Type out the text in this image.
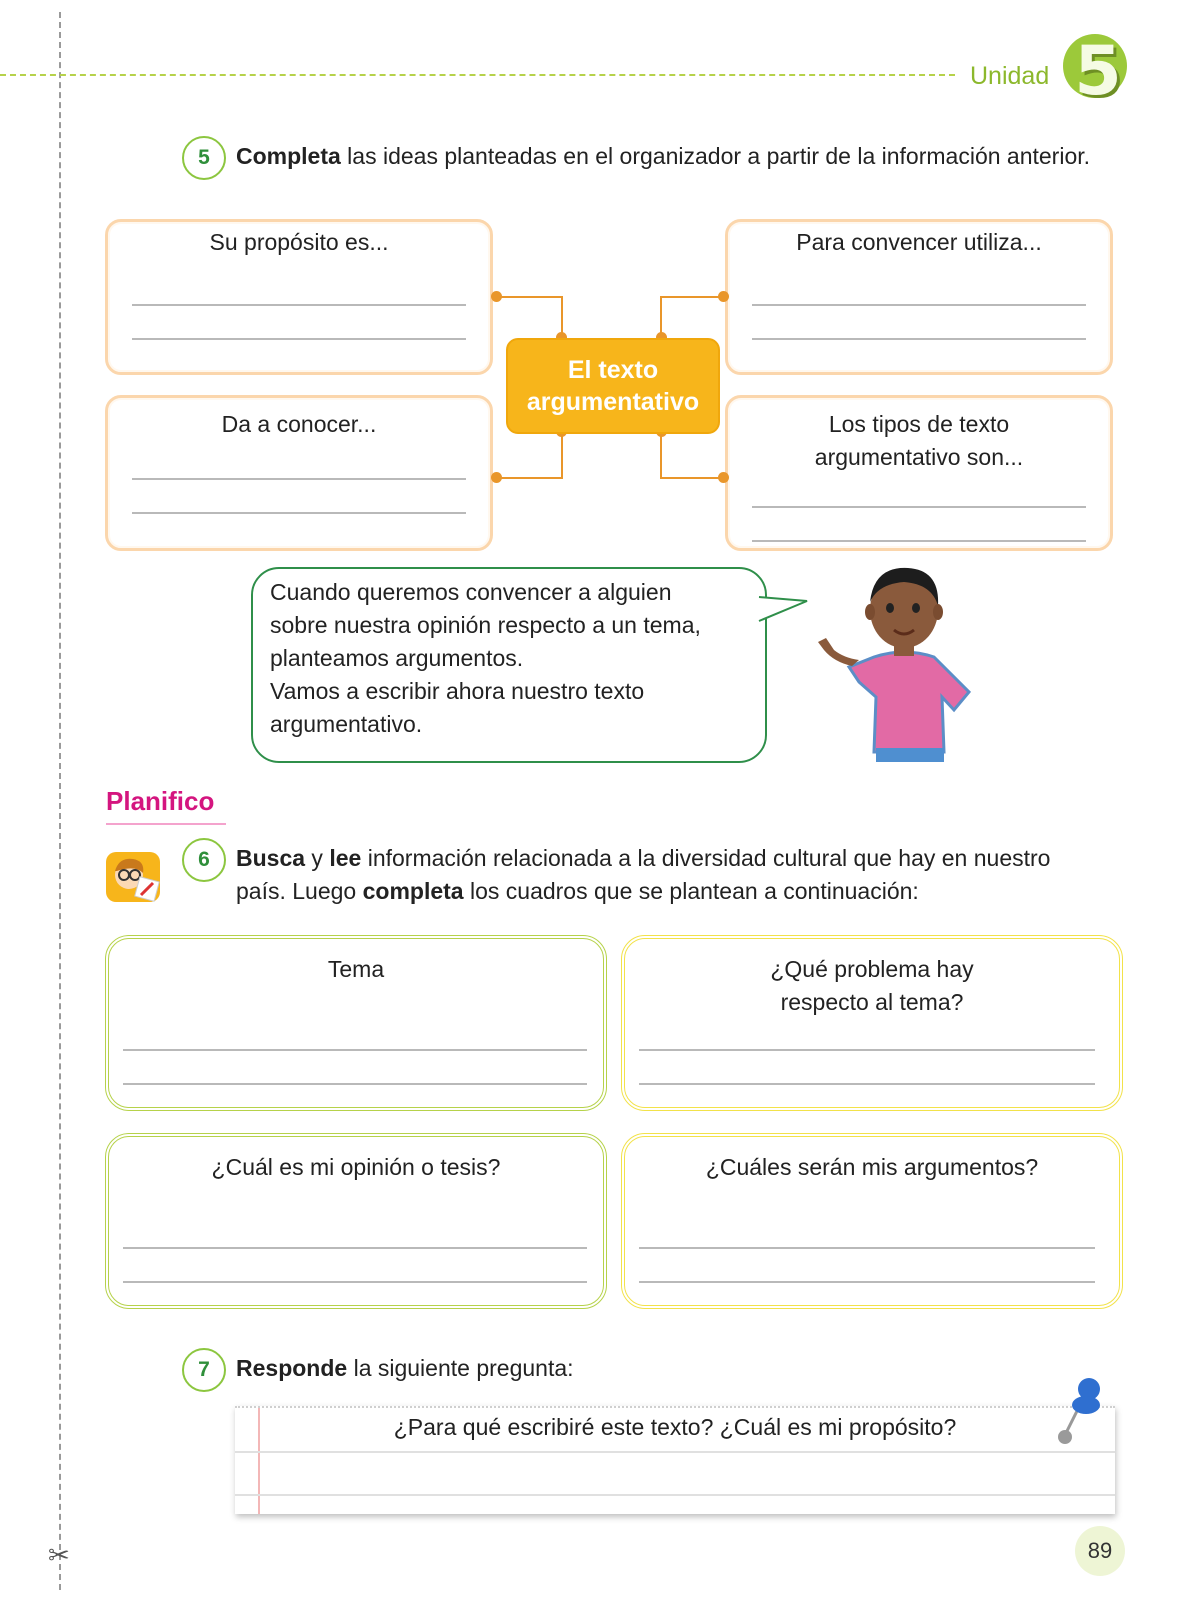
✂
Unidad 5
5	Completa las ideas planteadas en el organizador a partir de la información anterior.
Su propósito es...	Para convencer utiliza...
Da a conocer...	Los tipos de texto
argumentativo son...
El texto
argumentativo
Cuando queremos convencer a alguien
sobre nuestra opinión respecto a un tema,
planteamos argumentos.
Vamos a escribir ahora nuestro texto
argumentativo.
Planifico
6	Busca y lee información relacionada a la diversidad cultural que hay en nuestro país. Luego completa los cuadros que se plantean a continuación:
Tema	¿Qué problema hay
respecto al tema?
¿Cuál es mi opinión o tesis?	¿Cuáles serán mis argumentos?
7	Responde la siguiente pregunta:
¿Para qué escribiré este texto? ¿Cuál es mi propósito?
89
